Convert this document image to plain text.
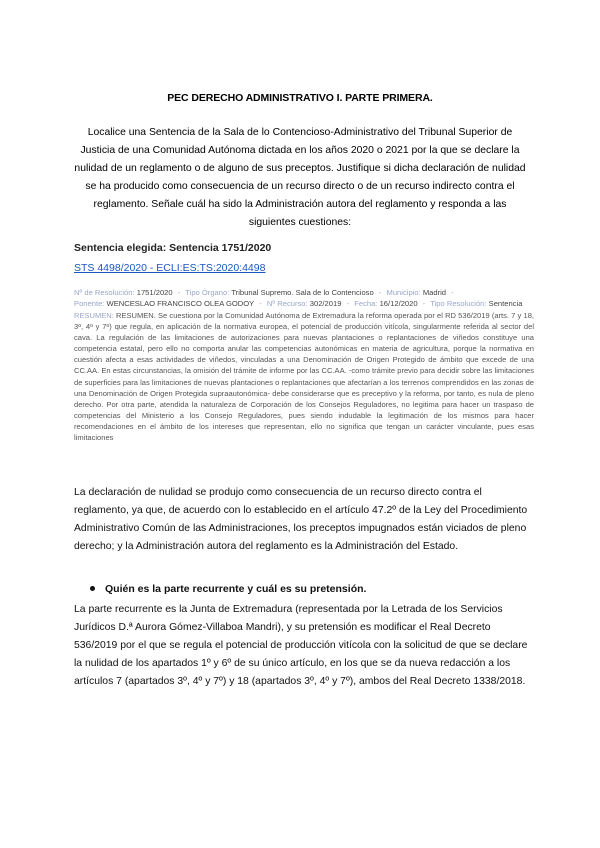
PEC DERECHO ADMINISTRATIVO I. PARTE PRIMERA.
Localice una Sentencia de la Sala de lo Contencioso-Administrativo del Tribunal Superior de Justicia de una Comunidad Autónoma dictada en los años 2020 o 2021 por la que se declare la nulidad de un reglamento o de alguno de sus preceptos. Justifique si dicha declaración de nulidad se ha producido como consecuencia de un recurso directo o de un recurso indirecto contra el reglamento. Señale cuál ha sido la Administración autora del reglamento y responda a las siguientes cuestiones:
Sentencia elegida: Sentencia 1751/2020
STS 4498/2020 - ECLI:ES:TS:2020:4498
Nº de Resolución: 1751/2020 - Tipo Órgano: Tribunal Supremo. Sala de lo Contencioso - Municipio: Madrid -
Ponente: WENCESLAO FRANCISCO OLEA GODOY - Nº Recurso: 302/2019 - Fecha: 16/12/2020 - Tipo Resolución: Sentencia
RESUMEN: RESUMEN. Se cuestiona por la Comunidad Autónoma de Extremadura la reforma operada por el RD 536/2019 (arts. 7 y 18, 3º, 4º y 7º) que regula, en aplicación de la normativa europea, el potencial de producción vitícola, singularmente referida al sector del cava. La regulación de las limitaciones de autorizaciones para nuevas plantaciones o replantaciones de viñedos constituye una competencia estatal, pero ello no comporta anular las competencias autonómicas en materia de agricultura, porque la normativa en cuestión afecta a esas actividades de viñedos, vinculadas a una Denominación de Origen Protegido de ámbito que excede de una CC.AA. En estas circunstancias, la omisión del trámite de informe por las CC.AA. -como trámite previo para decidir sobre las limitaciones de superficies para las limitaciones de nuevas plantaciones o replantaciones que afectarían a los terrenos comprendidos en las zonas de una Denominación de Origen Protegida supraautonómica- debe considerarse que es preceptivo y la reforma, por tanto, es nula de pleno derecho. Por otra parte, atendida la naturaleza de Corporación de los Consejos Reguladores, no legitima para hacer un traspaso de competencias del Ministerio a los Consejo Reguladores, pues siendo indudable la legitimación de los mismos para hacer recomendaciones en el ámbito de los intereses que representan, ello no significa que tengan un carácter vinculante, pues esas limitaciones
La declaración de nulidad se produjo como consecuencia de un recurso directo contra el reglamento, ya que, de acuerdo con lo establecido en el artículo 47.2º de la Ley del Procedimiento Administrativo Común de las Administraciones, los preceptos impugnados están viciados de pleno derecho; y la Administración autora del reglamento es la Administración del Estado.
Quién es la parte recurrente y cuál es su pretensión.
La parte recurrente es la Junta de Extremadura (representada por la Letrada de los Servicios Jurídicos D.ª Aurora Gómez-Villaboa Mandri), y su pretensión es modificar el Real Decreto 536/2019 por el que se regula el potencial de producción vitícola con la solicitud de que se declare la nulidad de los apartados 1º y 6º de su único artículo, en los que se da nueva redacción a los artículos 7 (apartados 3º, 4º y 7º) y 18 (apartados 3º, 4º y 7º), ambos del Real Decreto 1338/2018.
